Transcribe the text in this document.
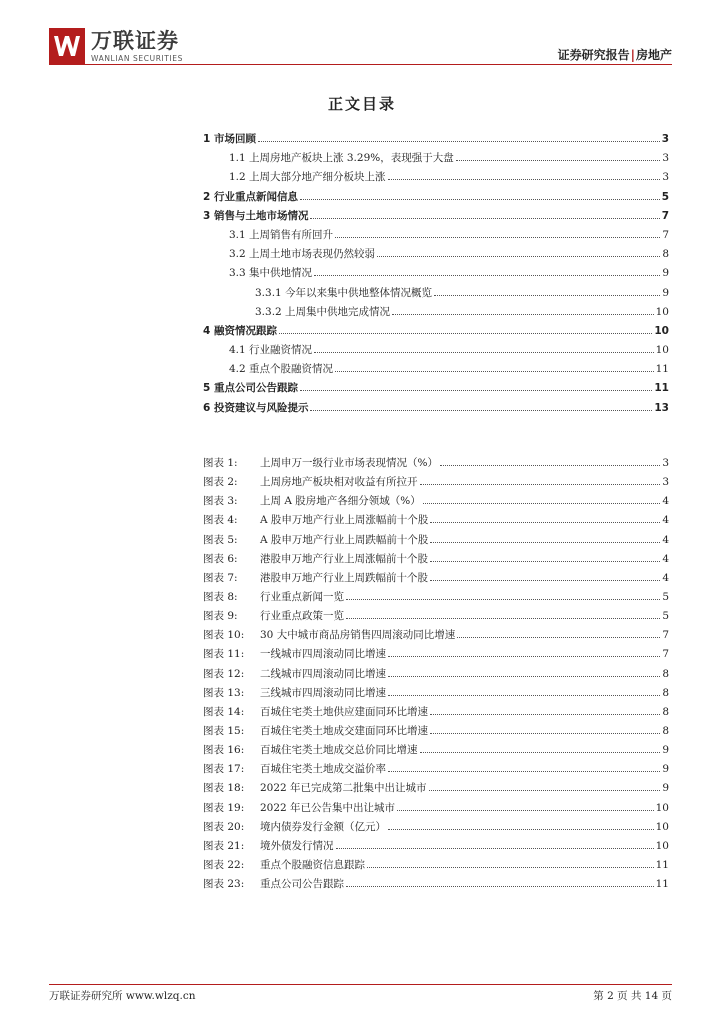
万联证券
WANLIAN SECURITIES	证券研究报告|房地产
正文目录
1 市场回顾	3
1.1 上周房地产板块上涨 3.29%，表现强于大盘	3
1.2 上周大部分地产细分板块上涨	3
2 行业重点新闻信息	5
3 销售与土地市场情况	7
3.1 上周销售有所回升	7
3.2 上周土地市场表现仍然较弱	8
3.3 集中供地情况	9
3.3.1 今年以来集中供地整体情况概览	9
3.3.2 上周集中供地完成情况	10
4 融资情况跟踪	10
4.1 行业融资情况	10
4.2 重点个股融资情况	11
5 重点公司公告跟踪	11
6 投资建议与风险提示	13
图表 1:	上周申万一级行业市场表现情况（%）	3
图表 2:	上周房地产板块相对收益有所拉开	3
图表 3:	上周 A 股房地产各细分领域（%）	4
图表 4:	A 股申万地产行业上周涨幅前十个股	4
图表 5:	A 股申万地产行业上周跌幅前十个股	4
图表 6:	港股申万地产行业上周涨幅前十个股	4
图表 7:	港股申万地产行业上周跌幅前十个股	4
图表 8:	行业重点新闻一览	5
图表 9:	行业重点政策一览	5
图表 10:	30 大中城市商品房销售四周滚动同比增速	7
图表 11:	一线城市四周滚动同比增速	7
图表 12:	二线城市四周滚动同比增速	8
图表 13:	三线城市四周滚动同比增速	8
图表 14:	百城住宅类土地供应建面同环比增速	8
图表 15:	百城住宅类土地成交建面同环比增速	8
图表 16:	百城住宅类土地成交总价同比增速	9
图表 17:	百城住宅类土地成交溢价率	9
图表 18:	2022 年已完成第二批集中出让城市	9
图表 19:	2022 年已公告集中出让城市	10
图表 20:	境内债券发行金额（亿元）	10
图表 21:	境外债发行情况	10
图表 22:	重点个股融资信息跟踪	11
图表 23:	重点公司公告跟踪	11
万联证券研究所 www.wlzq.cn	第 2 页 共 14 页
